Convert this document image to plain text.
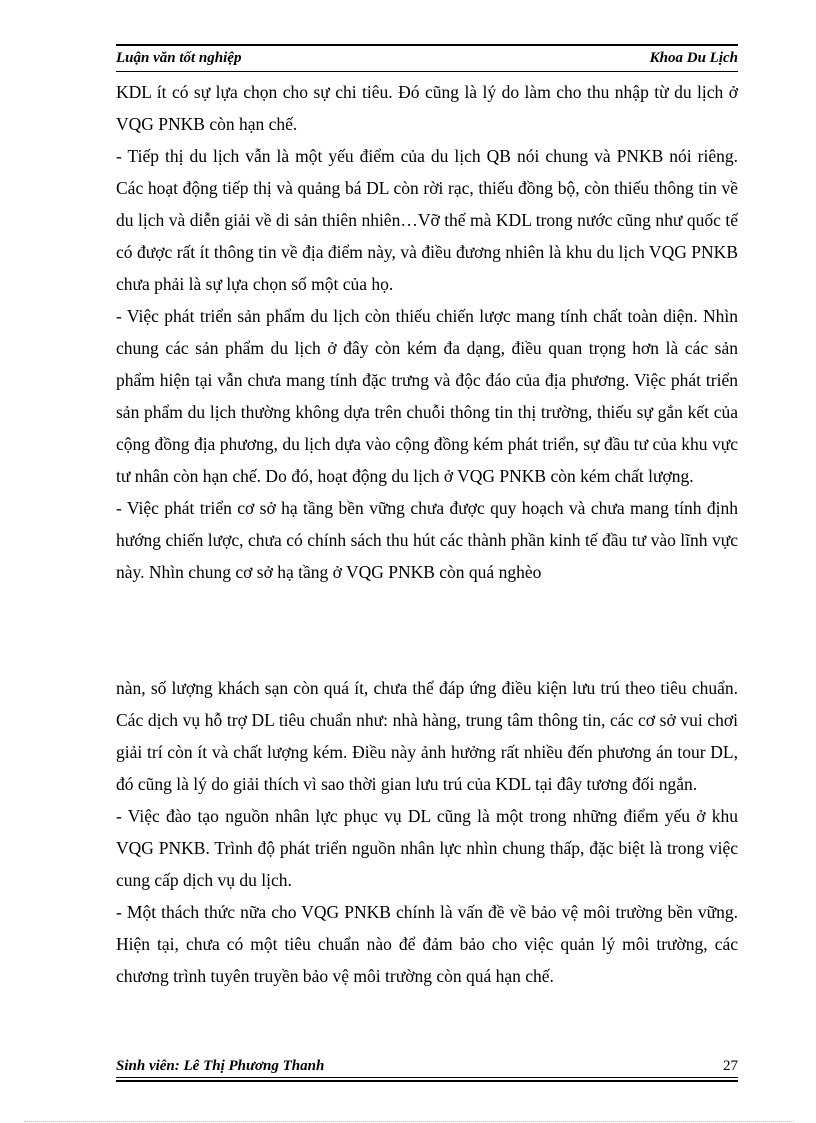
Luận văn tốt nghiệp	Khoa Du Lịch

KDL ít có sự lựa chọn cho sự chi tiêu. Đó cũng là lý do làm cho thu nhập từ du lịch ở VQG PNKB còn hạn chế.

- Tiếp thị du lịch vẫn là một yếu điểm của du lịch QB nói chung và PNKB nói riêng. Các hoạt động tiếp thị và quảng bá DL còn rời rạc, thiếu đồng bộ, còn thiếu thông tin về du lịch và diễn giải về di sản thiên nhiên…Vỡ thế mà KDL trong nước cũng như quốc tế có được rất ít thông tin về địa điểm này, và điều đương nhiên là khu du lịch VQG PNKB chưa phải là sự lựa chọn số một của họ.

- Việc phát triển sản phẩm du lịch còn thiếu chiến lược mang tính chất toàn diện. Nhìn chung các sản phẩm du lịch ở đây còn kém đa dạng, điều quan trọng hơn là các sản phẩm hiện tại vẫn chưa mang tính đặc trưng và độc đáo của địa phương. Việc phát triển sản phẩm du lịch thường không dựa trên chuỗi thông tin thị trường, thiếu sự gắn kết của cộng đồng địa phương, du lịch dựa vào cộng đồng kém phát triển, sự đầu tư của khu vực tư nhân còn hạn chế. Do đó, hoạt động du lịch ở VQG PNKB còn kém chất lượng.

- Việc phát triển cơ sở hạ tầng bền vững chưa được quy hoạch và chưa mang tính định hướng chiến lược, chưa có chính sách thu hút các thành phần kinh tế đầu tư vào lĩnh vực này. Nhìn chung cơ sở hạ tầng ở VQG PNKB còn quá nghèo

nàn, số lượng khách sạn còn quá ít, chưa thể đáp ứng điều kiện lưu trú theo tiêu chuẩn. Các dịch vụ hỗ trợ DL tiêu chuẩn như: nhà hàng, trung tâm thông tin, các cơ sở vui chơi giải trí còn ít và chất lượng kém. Điều này ảnh hưởng rất nhiều đến phương án tour DL, đó cũng là lý do giải thích vì sao thời gian lưu trú của KDL tại đây tương đối ngắn.

- Việc đào tạo nguồn nhân lực phục vụ DL cũng là một trong những điểm yếu ở khu VQG PNKB. Trình độ phát triển nguồn nhân lực nhìn chung thấp, đặc biệt là trong việc cung cấp dịch vụ du lịch.

- Một thách thức nữa cho VQG PNKB chính là vấn đề về bảo vệ môi trường bền vững. Hiện tại, chưa có một tiêu chuẩn nào để đảm bảo cho việc quản lý môi trường, các chương trình tuyên truyền bảo vệ môi trường còn quá hạn chế.

Sinh viên: Lê Thị Phương Thanh	27
